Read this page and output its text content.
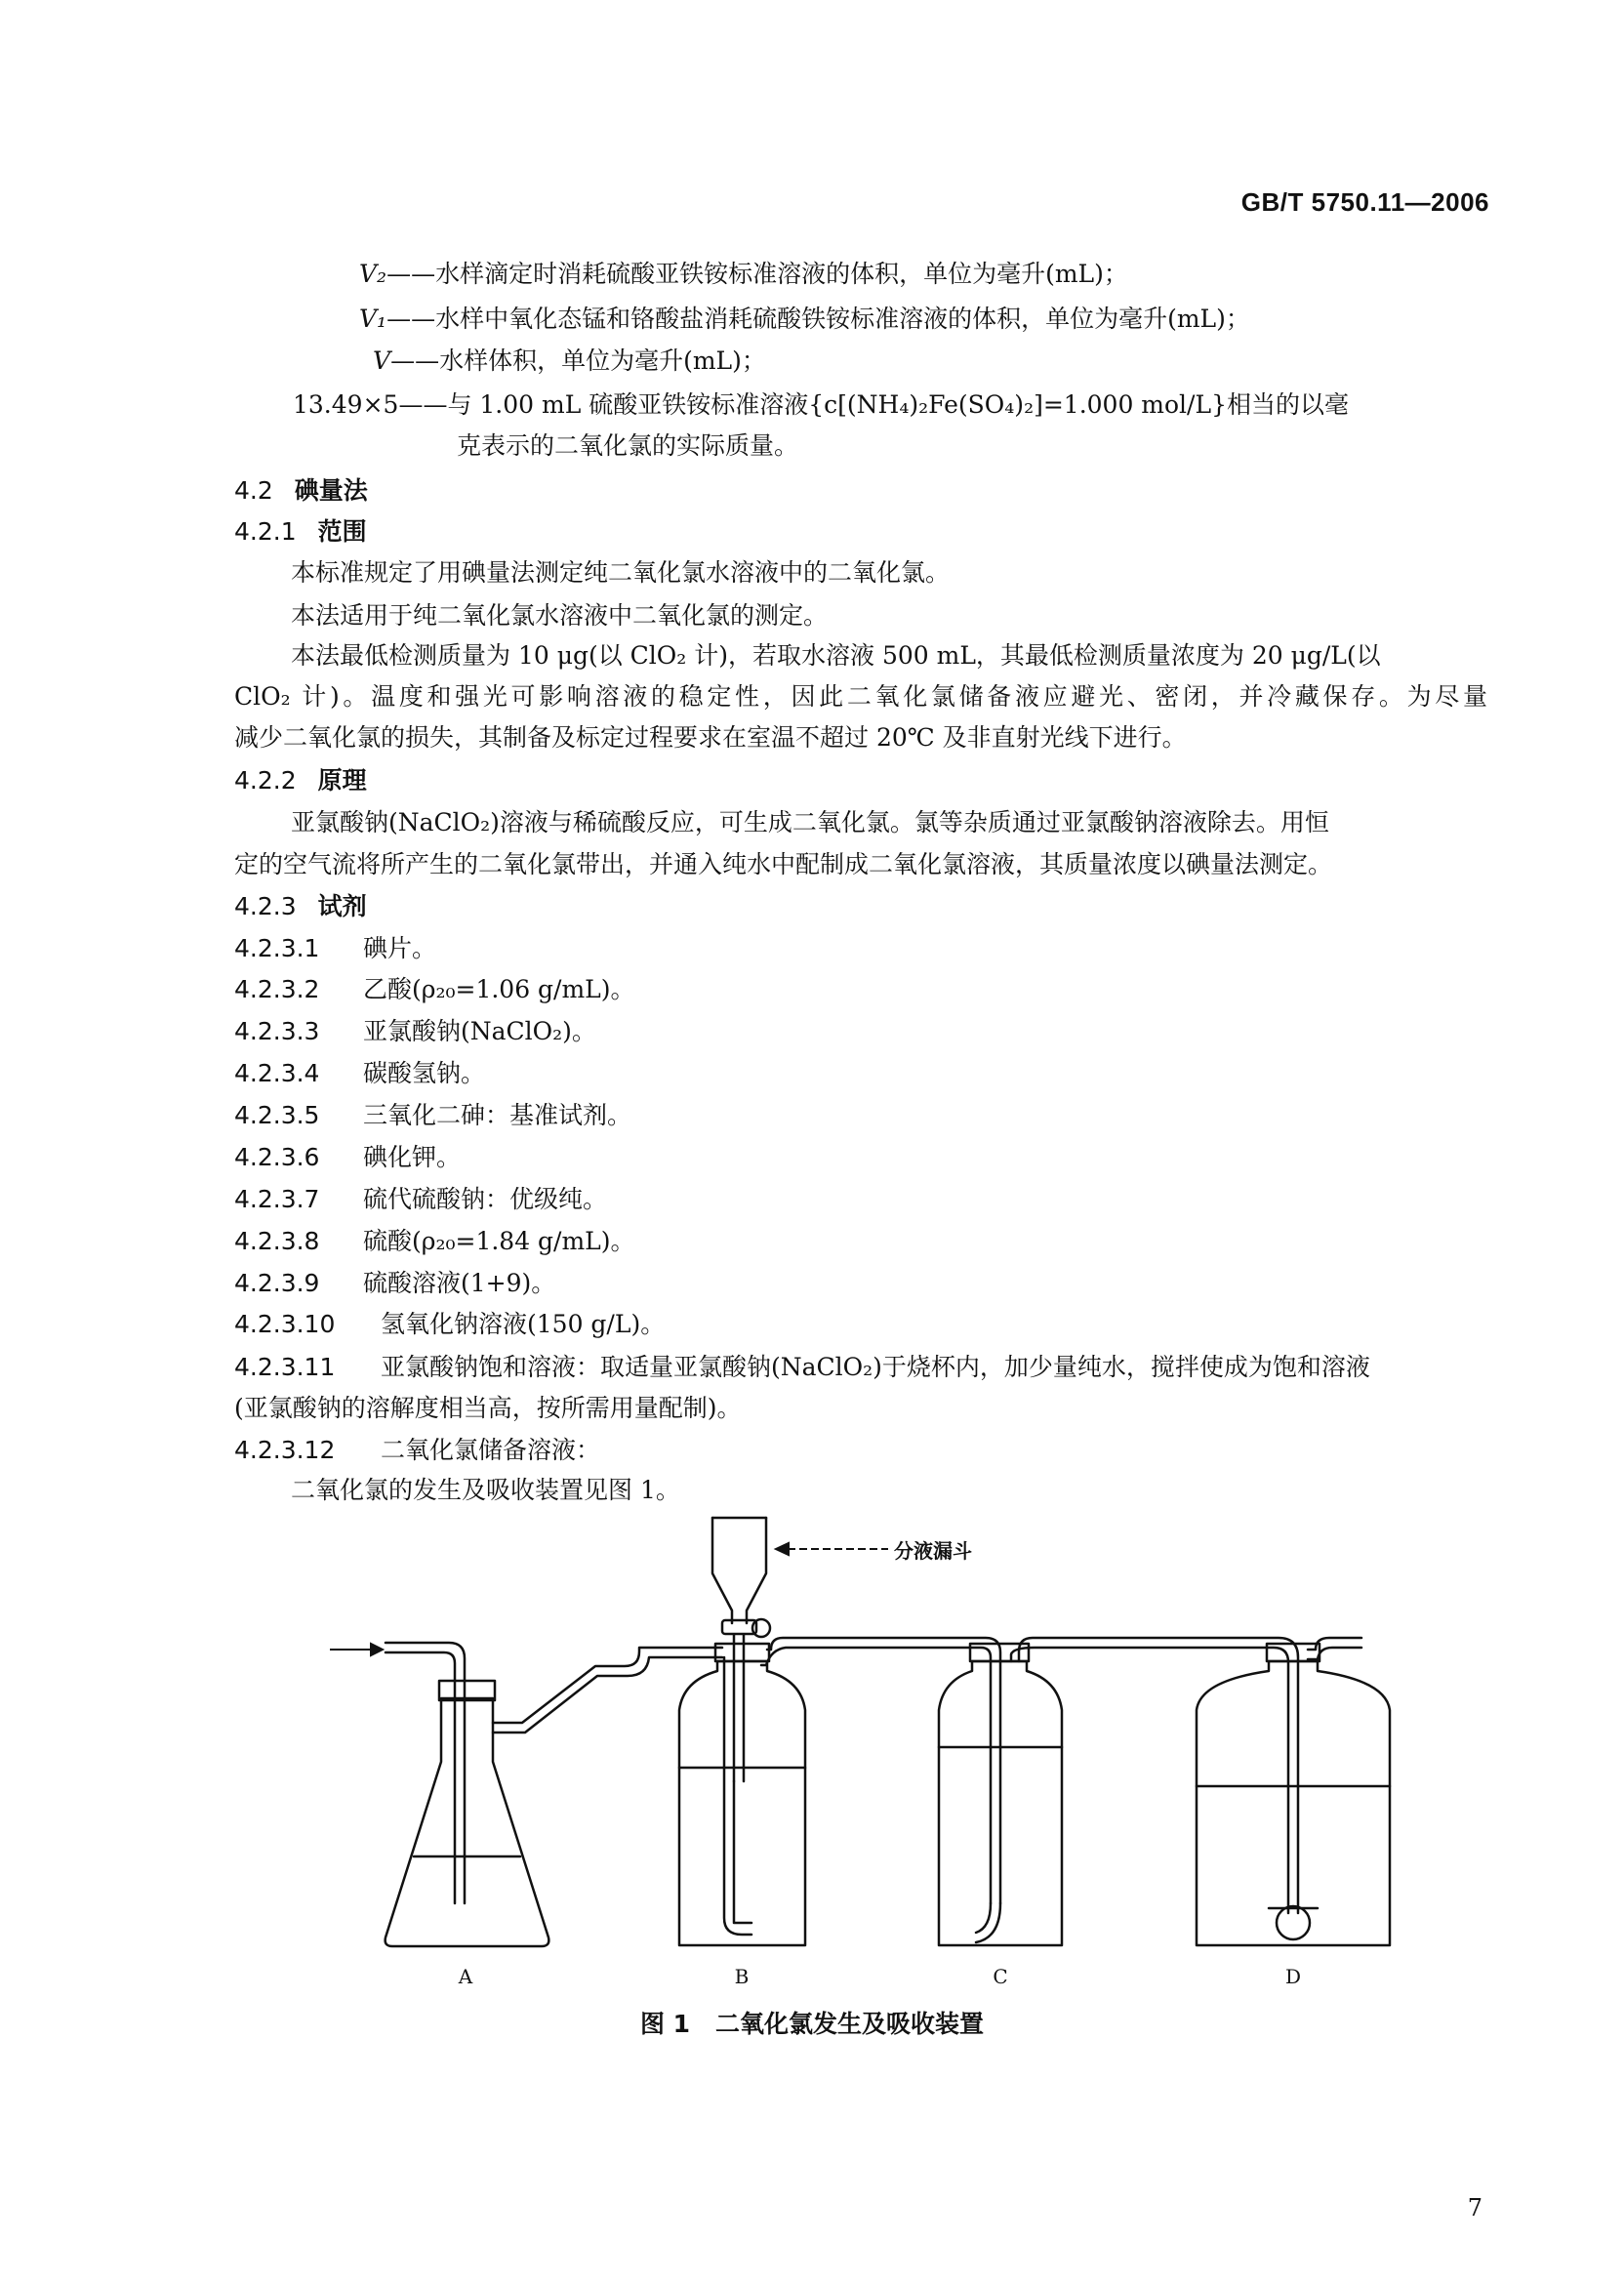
GB/T 5750.11—2006
V₂——水样滴定时消耗硫酸亚铁铵标准溶液的体积，单位为毫升(mL)；
V₁——水样中氧化态锰和铬酸盐消耗硫酸铁铵标准溶液的体积，单位为毫升(mL)；
V——水样体积，单位为毫升(mL)；
13.49×5——与 1.00 mL 硫酸亚铁铵标准溶液{c[(NH₄)₂Fe(SO₄)₂]=1.000 mol/L}相当的以毫
克表示的二氧化氯的实际质量。
4.2 碘量法
4.2.1 范围
本标准规定了用碘量法测定纯二氧化氯水溶液中的二氧化氯。
本法适用于纯二氧化氯水溶液中二氧化氯的测定。
本法最低检测质量为 10 μg(以 ClO₂ 计)，若取水溶液 500 mL，其最低检测质量浓度为 20 μg/L(以
ClO₂ 计)。温度和强光可影响溶液的稳定性，因此二氧化氯储备液应避光、密闭，并冷藏保存。为尽量
减少二氧化氯的损失，其制备及标定过程要求在室温不超过 20℃ 及非直射光线下进行。
4.2.2 原理
亚氯酸钠(NaClO₂)溶液与稀硫酸反应，可生成二氧化氯。氯等杂质通过亚氯酸钠溶液除去。用恒
定的空气流将所产生的二氧化氯带出，并通入纯水中配制成二氧化氯溶液，其质量浓度以碘量法测定。
4.2.3 试剂
4.2.3.1 碘片。
4.2.3.2 乙酸(ρ₂₀=1.06 g/mL)。
4.2.3.3 亚氯酸钠(NaClO₂)。
4.2.3.4 碳酸氢钠。
4.2.3.5 三氧化二砷：基准试剂。
4.2.3.6 碘化钾。
4.2.3.7 硫代硫酸钠：优级纯。
4.2.3.8 硫酸(ρ₂₀=1.84 g/mL)。
4.2.3.9 硫酸溶液(1+9)。
4.2.3.10 氢氧化钠溶液(150 g/L)。
4.2.3.11 亚氯酸钠饱和溶液：取适量亚氯酸钠(NaClO₂)于烧杯内，加少量纯水，搅拌使成为饱和溶液
(亚氯酸钠的溶解度相当高，按所需用量配制)。
4.2.3.12 二氧化氯储备溶液：
二氧化氯的发生及吸收装置见图 1。
分液漏斗
A	B	C	D
图 1 二氧化氯发生及吸收装置
7
